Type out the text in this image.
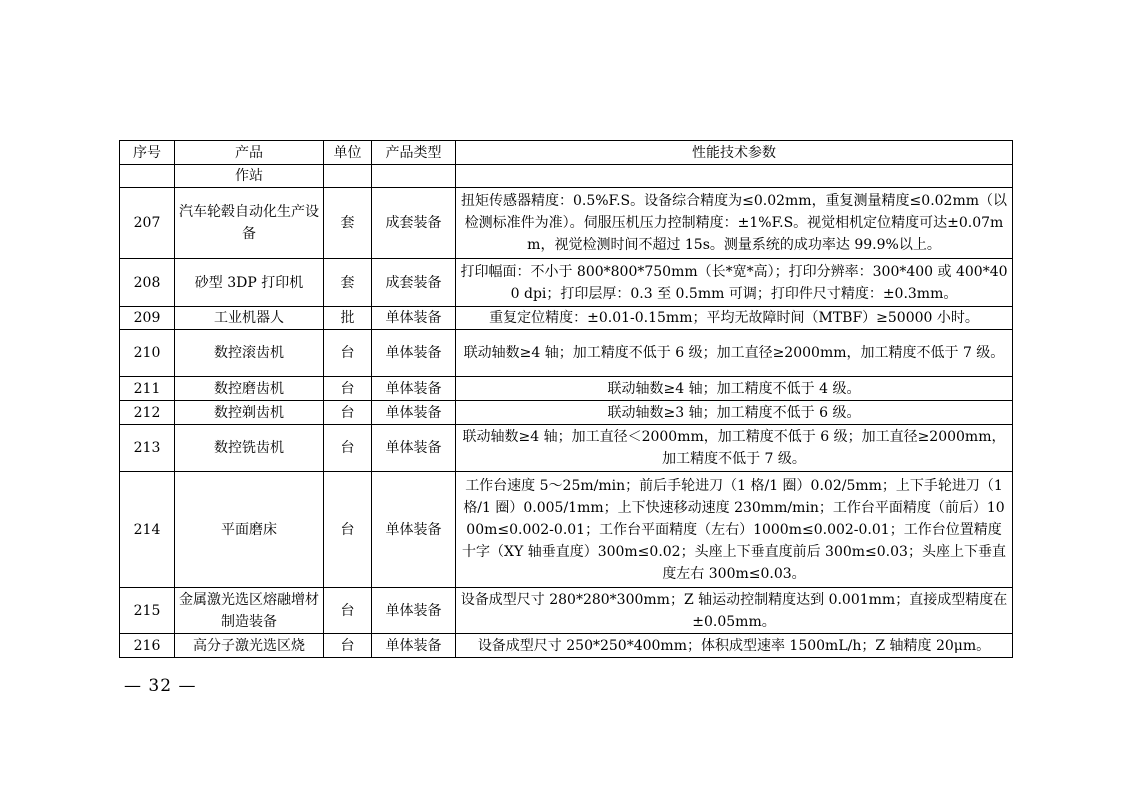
序号	产品	单位	产品类型	性能技术参数
	作站			
207	汽车轮毂自动化生产设备	套	成套装备	扭矩传感器精度：0.5%F.S。设备综合精度为≤0.02mm，重复测量精度≤0.02mm（以检测标准件为准）。伺服压机压力控制精度：±1%F.S。视觉相机定位精度可达±0.07mm，视觉检测时间不超过 15s。测量系统的成功率达 99.9%以上。
208	砂型 3DP 打印机	套	成套装备	打印幅面：不小于 800*800*750mm（长*宽*高）；打印分辨率：300*400 或 400*400 dpi；打印层厚：0.3 至 0.5mm 可调；打印件尺寸精度：±0.3mm。
209	工业机器人	批	单体装备	重复定位精度：±0.01-0.15mm；平均无故障时间（MTBF）≥50000 小时。
210	数控滚齿机	台	单体装备	联动轴数≥4 轴；加工精度不低于 6 级；加工直径≥2000mm，加工精度不低于 7 级。
211	数控磨齿机	台	单体装备	联动轴数≥4 轴；加工精度不低于 4 级。
212	数控剃齿机	台	单体装备	联动轴数≥3 轴；加工精度不低于 6 级。
213	数控铣齿机	台	单体装备	联动轴数≥4 轴；加工直径＜2000mm，加工精度不低于 6 级；加工直径≥2000mm，加工精度不低于 7 级。
214	平面磨床	台	单体装备	工作台速度 5～25m/min；前后手轮进刀（1 格/1 圈）0.02/5mm；上下手轮进刀（1 格/1 圈）0.005/1mm；上下快速移动速度 230mm/min；工作台平面精度（前后）1000m≤0.002-0.01；工作台平面精度（左右）1000m≤0.002-0.01；工作台位置精度十字（XY 轴垂直度）300m≤0.02；头座上下垂直度前后 300m≤0.03；头座上下垂直度左右 300m≤0.03。
215	金属激光选区熔融增材制造装备	台	单体装备	设备成型尺寸 280*280*300mm；Z 轴运动控制精度达到 0.001mm；直接成型精度在±0.05mm。
216	高分子激光选区烧	台	单体装备	设备成型尺寸 250*250*400mm；体积成型速率 1500mL/h；Z 轴精度 20μm。
— 32 —
